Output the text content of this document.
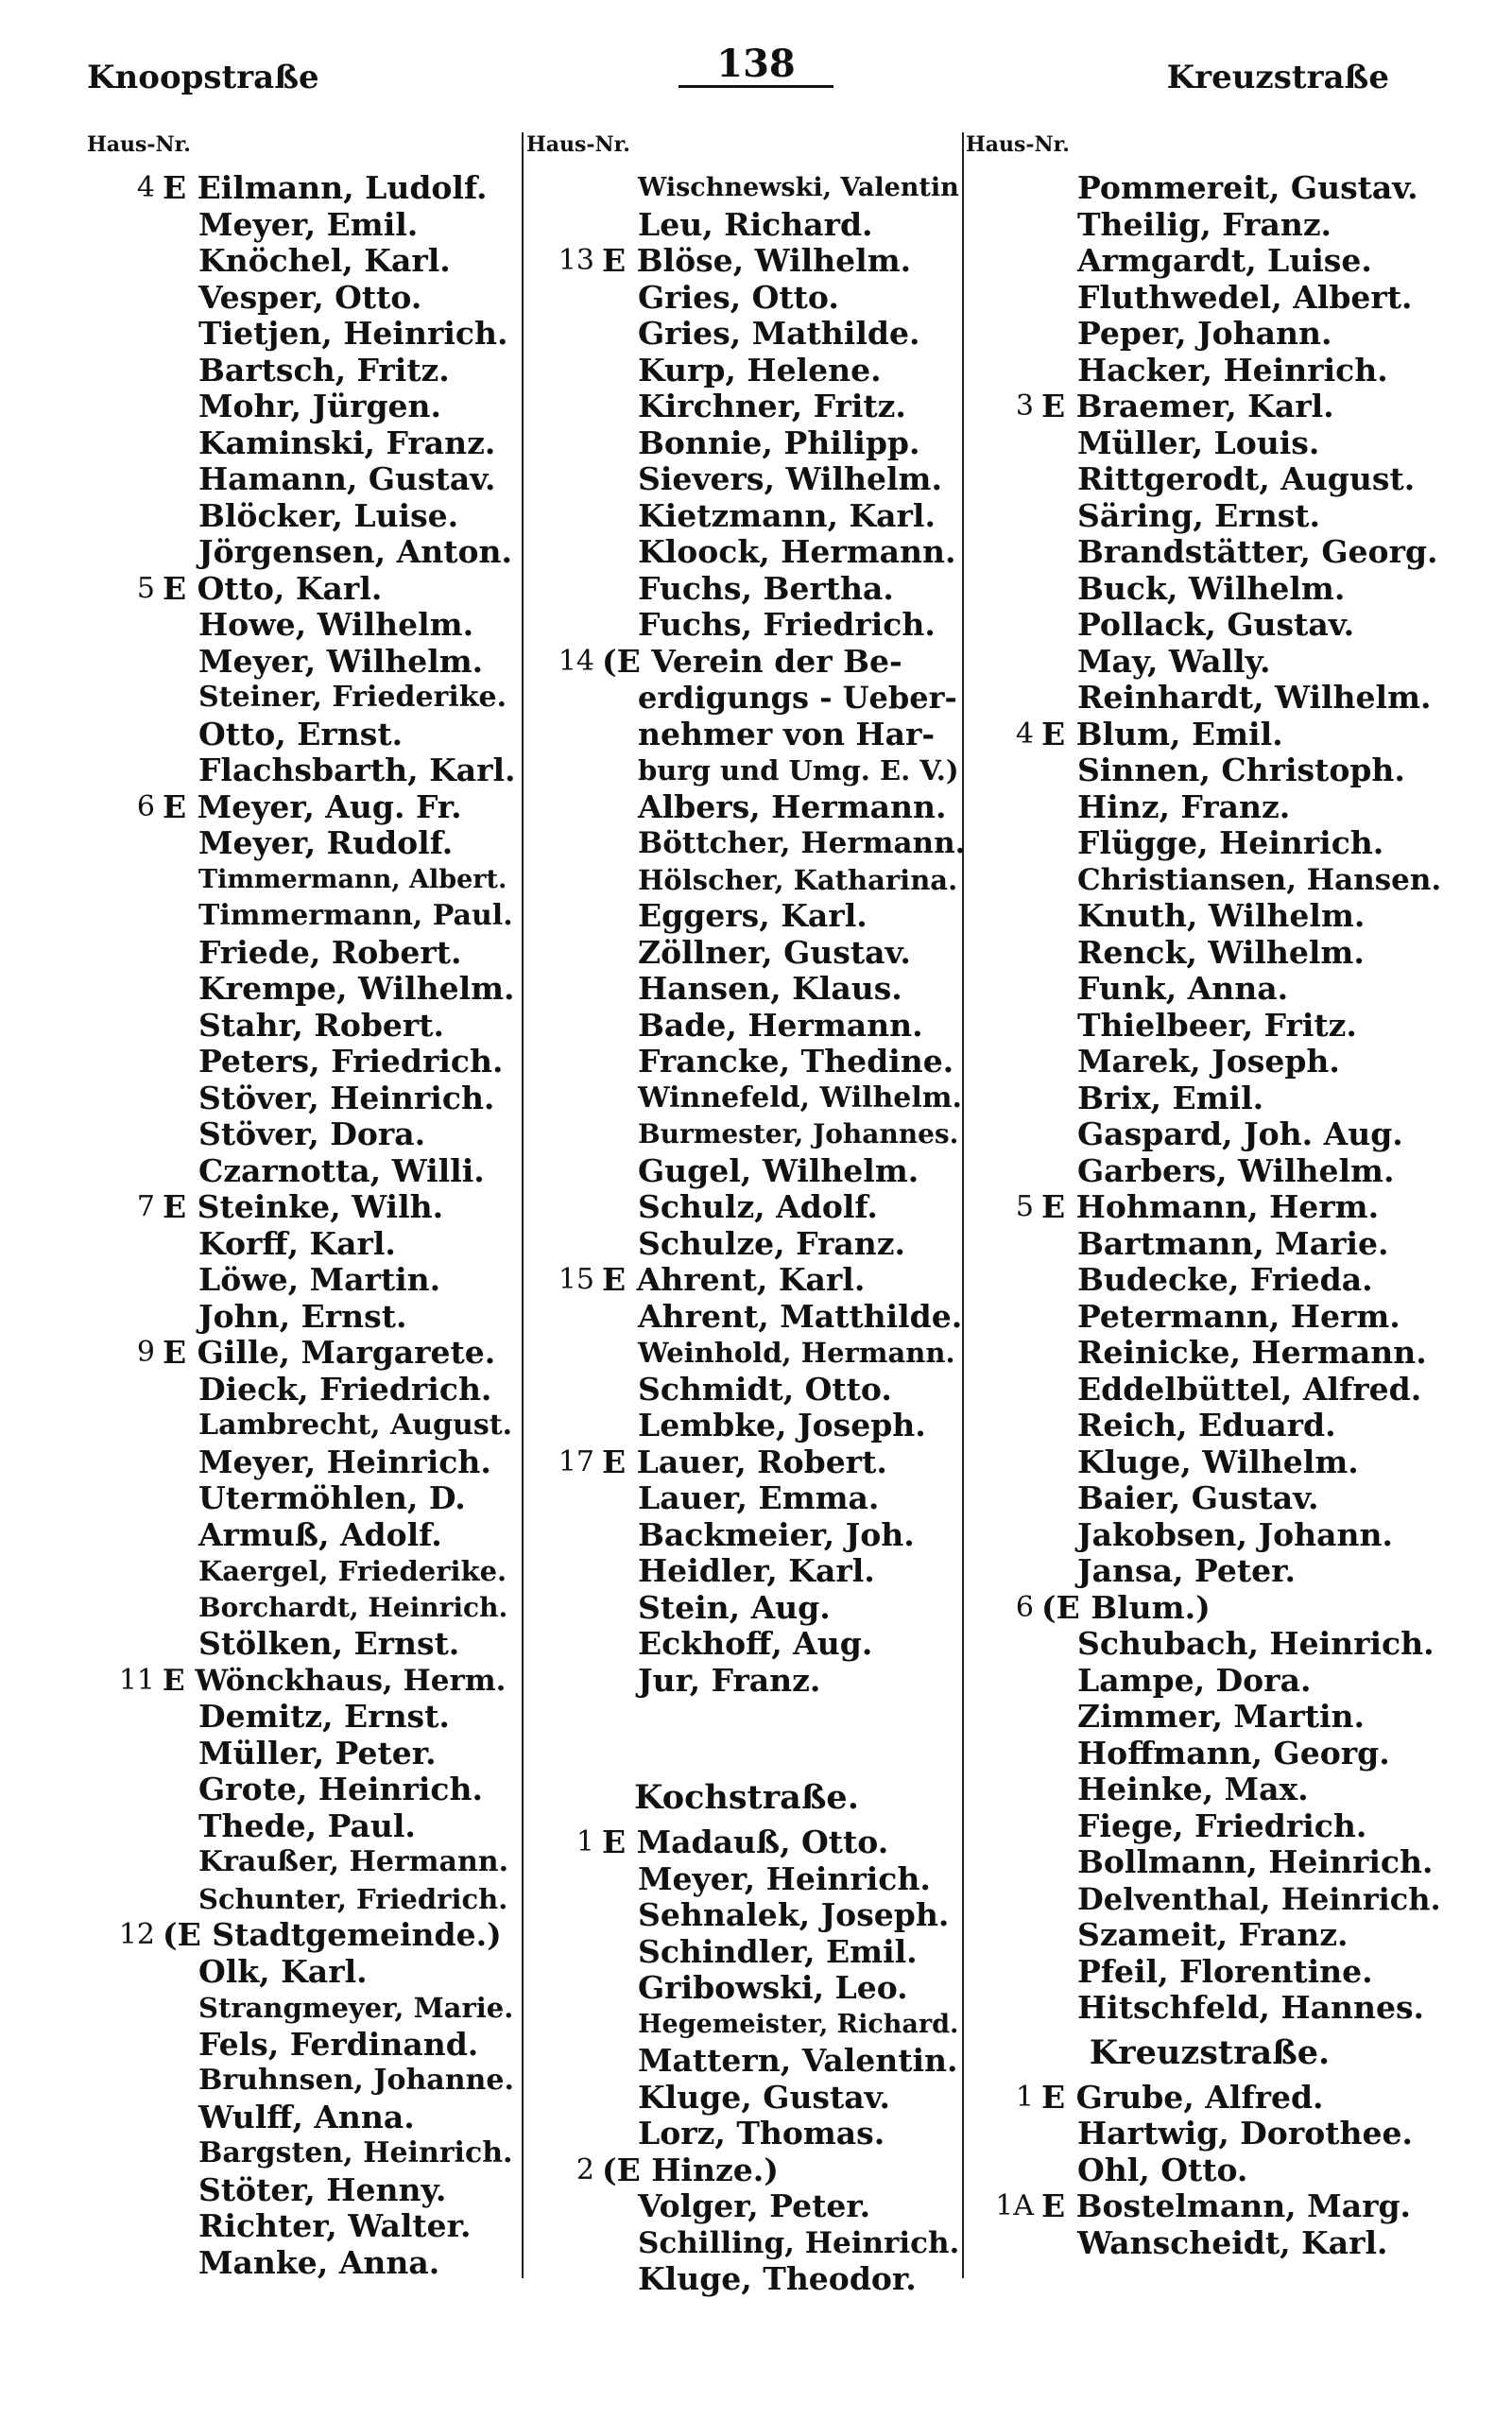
Knoopstraße	138	Kreuzstraße
Haus-Nr.
4 E Eilmann, Ludolf.
Meyer, Emil.
Knöchel, Karl.
Vesper, Otto.
Tietjen, Heinrich.
Bartsch, Fritz.
Mohr, Jürgen.
Kaminski, Franz.
Hamann, Gustav.
Blöcker, Luise.
Jörgensen, Anton.
5 E Otto, Karl.
Howe, Wilhelm.
Meyer, Wilhelm.
Steiner, Friederike.
Otto, Ernst.
Flachsbarth, Karl.
6 E Meyer, Aug. Fr.
Meyer, Rudolf.
Timmermann, Albert.
Timmermann, Paul.
Friede, Robert.
Krempe, Wilhelm.
Stahr, Robert.
Peters, Friedrich.
Stöver, Heinrich.
Stöver, Dora.
Czarnotta, Willi.
7 E Steinke, Wilh.
Korff, Karl.
Löwe, Martin.
John, Ernst.
9 E Gille, Margarete.
Dieck, Friedrich.
Lambrecht, August.
Meyer, Heinrich.
Utermöhlen, D.
Armuß, Adolf.
Kaergel, Friederike.
Borchardt, Heinrich.
Stölken, Ernst.
11 E Wönckhaus, Herm.
Demitz, Ernst.
Müller, Peter.
Grote, Heinrich.
Thede, Paul.
Kraußer, Hermann.
Schunter, Friedrich.
12 (E Stadtgemeinde.)
Olk, Karl.
Strangmeyer, Marie.
Fels, Ferdinand.
Bruhnsen, Johanne.
Wulff, Anna.
Bargsten, Heinrich.
Stöter, Henny.
Richter, Walter.
Manke, Anna.
Haus-Nr.
Wischnewski, Valentin
Leu, Richard.
13 E Blöse, Wilhelm.
Gries, Otto.
Gries, Mathilde.
Kurp, Helene.
Kirchner, Fritz.
Bonnie, Philipp.
Sievers, Wilhelm.
Kietzmann, Karl.
Kloock, Hermann.
Fuchs, Bertha.
Fuchs, Friedrich.
14 (E Verein der Be-
erdigungs - Ueber-
nehmer von Har-
burg und Umg. E. V.)
Albers, Hermann.
Böttcher, Hermann.
Hölscher, Katharina.
Eggers, Karl.
Zöllner, Gustav.
Hansen, Klaus.
Bade, Hermann.
Francke, Thedine.
Winnefeld, Wilhelm.
Burmester, Johannes.
Gugel, Wilhelm.
Schulz, Adolf.
Schulze, Franz.
15 E Ahrent, Karl.
Ahrent, Matthilde.
Weinhold, Hermann.
Schmidt, Otto.
Lembke, Joseph.
17 E Lauer, Robert.
Lauer, Emma.
Backmeier, Joh.
Heidler, Karl.
Stein, Aug.
Eckhoff, Aug.
Jur, Franz.
Kochstraße.
1 E Madauß, Otto.
Meyer, Heinrich.
Sehnalek, Joseph.
Schindler, Emil.
Gribowski, Leo.
Hegemeister, Richard.
Mattern, Valentin.
Kluge, Gustav.
Lorz, Thomas.
2 (E Hinze.)
Volger, Peter.
Schilling, Heinrich.
Kluge, Theodor.
Haus-Nr.
Pommereit, Gustav.
Theilig, Franz.
Armgardt, Luise.
Fluthwedel, Albert.
Peper, Johann.
Hacker, Heinrich.
3 E Braemer, Karl.
Müller, Louis.
Rittgerodt, August.
Säring, Ernst.
Brandstätter, Georg.
Buck, Wilhelm.
Pollack, Gustav.
May, Wally.
Reinhardt, Wilhelm.
4 E Blum, Emil.
Sinnen, Christoph.
Hinz, Franz.
Flügge, Heinrich.
Christiansen, Hansen.
Knuth, Wilhelm.
Renck, Wilhelm.
Funk, Anna.
Thielbeer, Fritz.
Marek, Joseph.
Brix, Emil.
Gaspard, Joh. Aug.
Garbers, Wilhelm.
5 E Hohmann, Herm.
Bartmann, Marie.
Budecke, Frieda.
Petermann, Herm.
Reinicke, Hermann.
Eddelbüttel, Alfred.
Reich, Eduard.
Kluge, Wilhelm.
Baier, Gustav.
Jakobsen, Johann.
Jansa, Peter.
6 (E Blum.)
Schubach, Heinrich.
Lampe, Dora.
Zimmer, Martin.
Hoffmann, Georg.
Heinke, Max.
Fiege, Friedrich.
Bollmann, Heinrich.
Delventhal, Heinrich.
Szameit, Franz.
Pfeil, Florentine.
Hitschfeld, Hannes.
Kreuzstraße.
1 E Grube, Alfred.
Hartwig, Dorothee.
Ohl, Otto.
1A E Bostelmann, Marg.
Wanscheidt, Karl.
